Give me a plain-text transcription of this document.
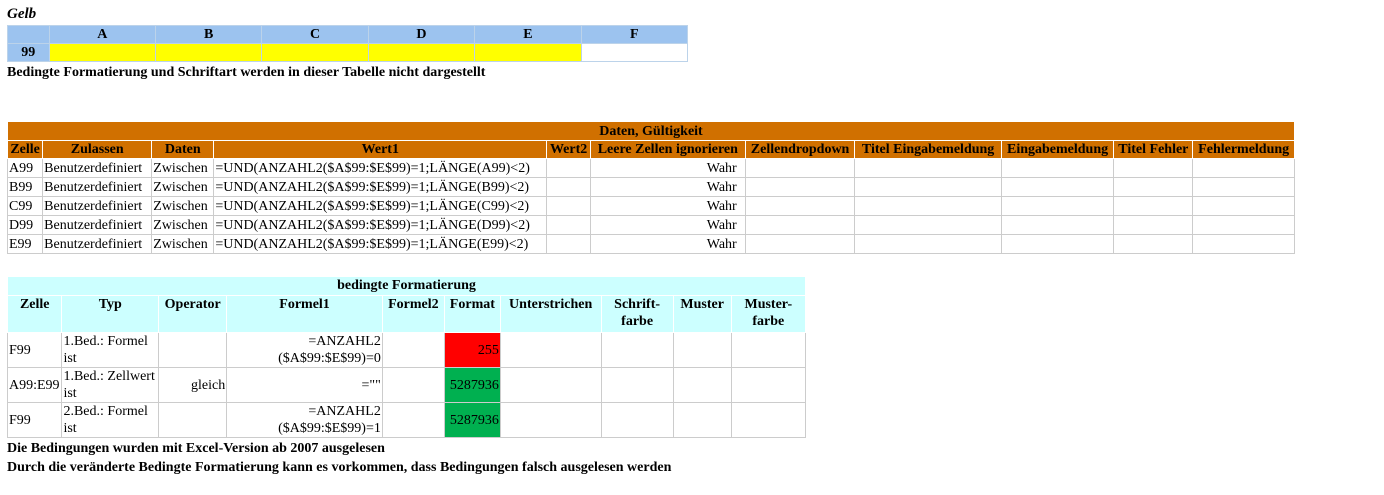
Gelb
	A	B	C	D	E	F
99						
Bedingte Formatierung und Schriftart werden in dieser Tabelle nicht dargestellt
Daten, Gültigkeit										
Zelle	Zulassen	Daten	Wert1	Wert2	Leere Zellen ignorieren	Zellendropdown	Titel Eingabemeldung	Eingabemeldung	Titel Fehler	Fehlermeldung
A99	Benutzerdefiniert	Zwischen	=UND(ANZAHL2($A$99:$E$99)=1;LÄNGE(A99)<2)		Wahr					
B99	Benutzerdefiniert	Zwischen	=UND(ANZAHL2($A$99:$E$99)=1;LÄNGE(B99)<2)		Wahr					
C99	Benutzerdefiniert	Zwischen	=UND(ANZAHL2($A$99:$E$99)=1;LÄNGE(C99)<2)		Wahr					
D99	Benutzerdefiniert	Zwischen	=UND(ANZAHL2($A$99:$E$99)=1;LÄNGE(D99)<2)		Wahr					
E99	Benutzerdefiniert	Zwischen	=UND(ANZAHL2($A$99:$E$99)=1;LÄNGE(E99)<2)		Wahr					
bedingte Formatierung									
Zelle	Typ	Operator	Formel1	Formel2	Format	Unterstrichen	Schrift-farbe	Muster	Muster-farbe
F99	1.Bed.: Formel ist		=ANZAHL2 ($A$99:$E$99)=0		255				
A99:E99	1.Bed.: Zellwert ist	gleich	=""		5287936				
F99	2.Bed.: Formel ist		=ANZAHL2 ($A$99:$E$99)=1		5287936				
Die Bedingungen wurden mit Excel-Version ab 2007 ausgelesen
Durch die veränderte Bedingte Formatierung kann es vorkommen, dass Bedingungen falsch ausgelesen werden
